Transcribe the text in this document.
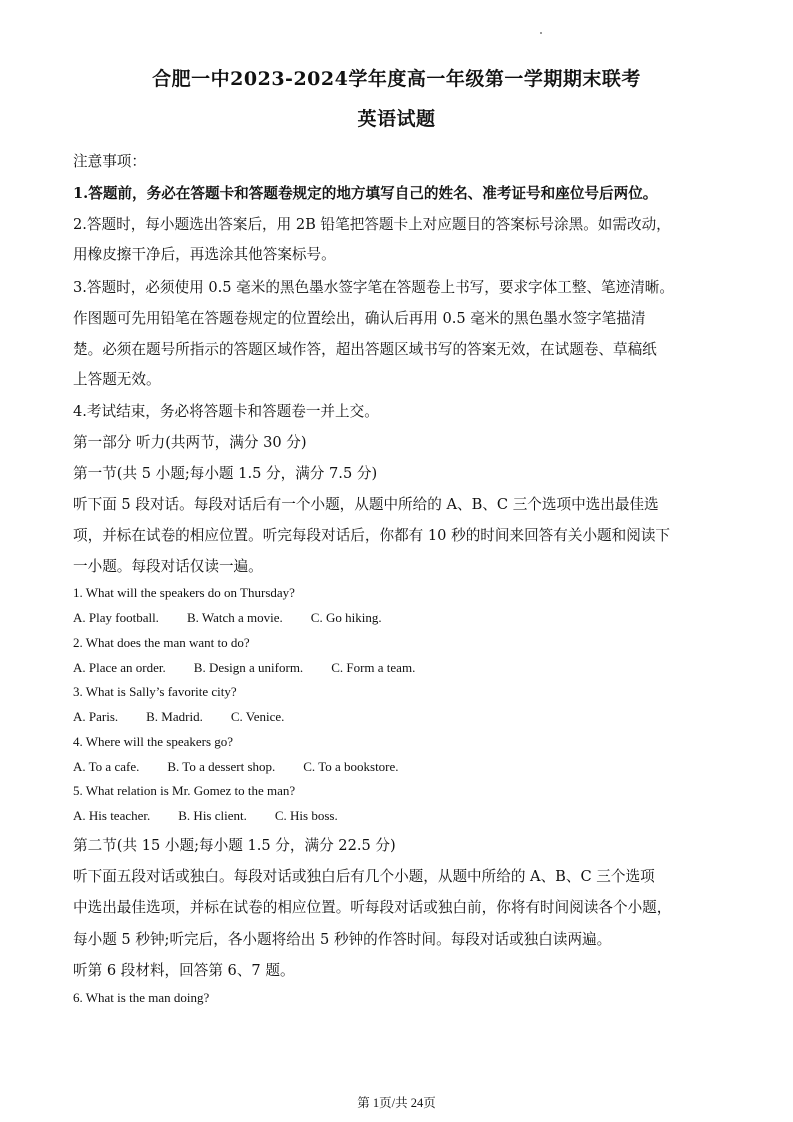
合肥一中2023-2024学年度高一年级第一学期期末联考
英语试题
注意事项：
1.答题前，务必在答题卡和答题卷规定的地方填写自己的姓名、准考证号和座位号后两位。
2.答题时，每小题选出答案后，用 2B 铅笔把答题卡上对应题目的答案标号涂黑。如需改动，
用橡皮擦干净后，再选涂其他答案标号。
3.答题时，必须使用 0.5 毫米的黑色墨水签字笔在答题卷上书写，要求字体工整、笔迹清晰。
作图题可先用铅笔在答题卷规定的位置绘出，确认后再用 0.5 毫米的黑色墨水签字笔描清
楚。必须在题号所指示的答题区域作答，超出答题区域书写的答案无效，在试题卷、草稿纸
上答题无效。
4.考试结束，务必将答题卡和答题卷一并上交。
第一部分 听力(共两节，满分 30 分)
第一节(共 5 小题;每小题 1.5 分，满分 7.5 分)
听下面 5 段对话。每段对话后有一个小题，从题中所给的 A、B、C 三个选项中选出最佳选
项，并标在试卷的相应位置。听完每段对话后，你都有 10 秒的时间来回答有关小题和阅读下
一小题。每段对话仅读一遍。
1. What will the speakers do on Thursday?
A. Play football. B. Watch a movie. C. Go hiking.
2. What does the man want to do?
A. Place an order. B. Design a uniform. C. Form a team.
3. What is Sally’s favorite city?
A. Paris. B. Madrid. C. Venice.
4. Where will the speakers go?
A. To a cafe. B. To a dessert shop. C. To a bookstore.
5. What relation is Mr. Gomez to the man?
A. His teacher. B. His client. C. His boss.
第二节(共 15 小题;每小题 1.5 分，满分 22.5 分)
听下面五段对话或独白。每段对话或独白后有几个小题，从题中所给的 A、B、C 三个选项
中选出最佳选项，并标在试卷的相应位置。听每段对话或独白前，你将有时间阅读各个小题，
每小题 5 秒钟;听完后，各小题将给出 5 秒钟的作答时间。每段对话或独白读两遍。
听第 6 段材料，回答第 6、7 题。
6. What is the man doing?
第 1页/共 24页
